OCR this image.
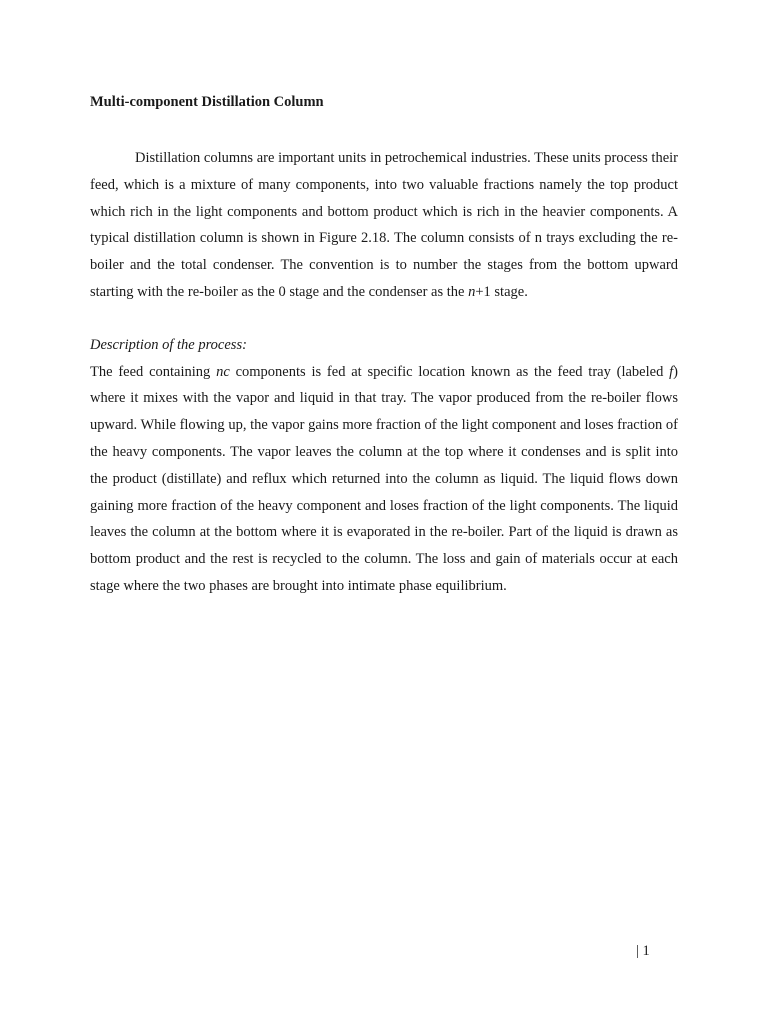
Multi-component Distillation Column

Distillation columns are important units in petrochemical industries. These units process their feed, which is a mixture of many components, into two valuable fractions namely the top product which rich in the light components and bottom product which is rich in the heavier components. A typical distillation column is shown in Figure 2.18. The column consists of n trays excluding the re-boiler and the total condenser. The convention is to number the stages from the bottom upward starting with the re-boiler as the 0 stage and the condenser as the n+1 stage.

Description of the process:

The feed containing nc components is fed at specific location known as the feed tray (labeled f) where it mixes with the vapor and liquid in that tray. The vapor produced from the re-boiler flows upward. While flowing up, the vapor gains more fraction of the light component and loses fraction of the heavy components. The vapor leaves the column at the top where it condenses and is split into the product (distillate) and reflux which returned into the column as liquid. The liquid flows down gaining more fraction of the heavy component and loses fraction of the light components. The liquid leaves the column at the bottom where it is evaporated in the re-boiler. Part of the liquid is drawn as bottom product and the rest is recycled to the column. The loss and gain of materials occur at each stage where the two phases are brought into intimate phase equilibrium.

| 1
